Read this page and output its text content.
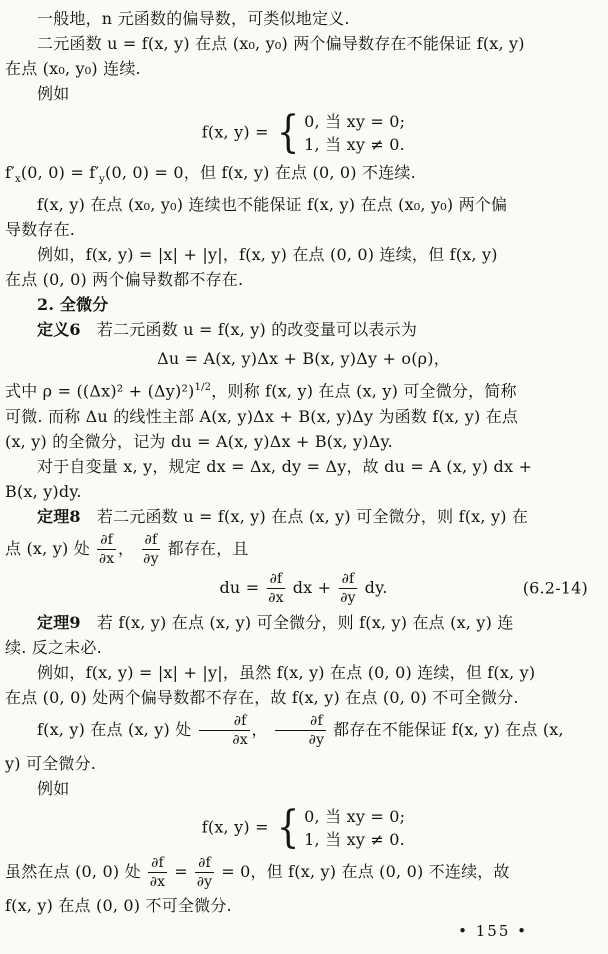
一般地，n 元函数的偏导数，可类似地定义.
二元函数 u = f(x, y) 在点 (x₀, y₀) 两个偏导数存在不能保证 f(x, y)
在点 (x₀, y₀) 连续.
例如
f(x, y) = { 0, 当 xy = 0;
1, 当 xy ≠ 0.
$f'_x(0$, $0) = f'_y(0$, 0) = 0，但 f(x, y) 在点 (0, 0) 不连续.
f(x, y) 在点 (x₀, y₀) 连续也不能保证 f(x, y) 在点 (x₀, y₀) 两个偏
导数存在.
例如，f(x, y) = |x| + |y|，f(x, y) 在点 (0, 0) 连续，但 f(x, y)
在点 (0, 0) 两个偏导数都不存在.
2. 全微分
定义6　若二元函数 u = f(x, y) 的改变量可以表示为
Δu = A(x, y)Δx + B(x, y)Δy + o(ρ)，
式中 $\rho = ((\Delta x)^2 + (\Delta y)^2)^{1/2}$，则称 f(x, y) 在点 (x, y) 可全微分，简称
可微. 而称 Δu 的线性主部 A(x, y)Δx + B(x, y)Δy 为函数 f(x, y) 在点
(x, y) 的全微分，记为 du = A(x, y)Δx + B(x, y)Δy.
对于自变量 x, y，规定 dx = Δx, dy = Δy，故 du = A (x, y) dx +
B(x, y)dy.
定理8　若二元函数 u = f(x, y) 在点 (x, y) 可全微分，则 f(x, y) 在
点 (x, y) 处 $\frac{\partial f}{\partial x}$ ， $\frac{\partial f}{\partial y}$ 都存在，且
du = $\frac{\partial f}{\partial x}$ dx + $\frac{\partial f}{\partial y}$ dy.	(6.2-14)
定理9　若 f(x, y) 在点 (x, y) 可全微分，则 f(x, y) 在点 (x, y) 连
续. 反之未必.
例如，f(x, y) = |x| + |y|，虽然 f(x, y) 在点 (0, 0) 连续，但 f(x, y)
在点 (0, 0) 处两个偏导数都不存在，故 f(x, y) 在点 (0, 0) 不可全微分.
f(x, y) 在点 (x, y) 处 $\frac{\partial f}{\partial x}$ ， $\frac{\partial f}{\partial y}$ 都存在不能保证 f(x, y) 在点 (x,
y) 可全微分.
例如
f(x, y) = { 0, 当 xy = 0;
1, 当 xy ≠ 0.
虽然在点 (0, 0) 处 $\frac{\partial f}{\partial x} = \frac{\partial f}{\partial y} = 0$，但 f(x, y) 在点 (0, 0) 不连续，故
f(x, y) 在点 (0, 0) 不可全微分.
• 155 •
